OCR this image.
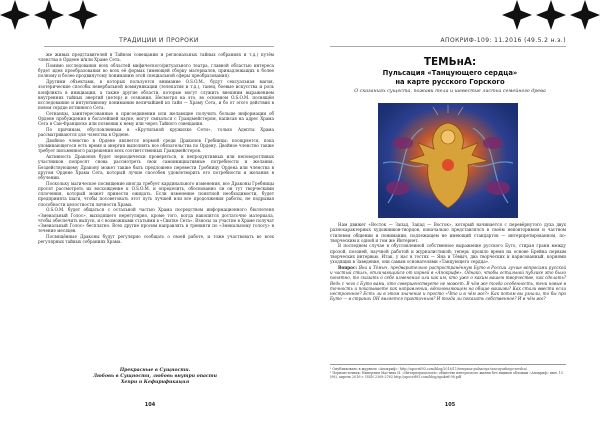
ТРАДИЦИИ И ПРОРОКИ

же живых представителей в Тайном совещании и региональных тайных собраниях и т.д.) путём членства в Ордене и/или Храме Сета.

Помимо исследования всех областей мифического/ритуального театра, главной областью интереса будет идея преобразования во всех её формах (имеющей сборку материалов, принадлежащих к более полному и более продвинутому пониманию этой специальной сферы преобразования).

Другими объектами, в которых пользуется внимание O.S.O.M., будут сексуальная магия, эзотерические способы невербальной коммуникации (телепатия и т.д.), танец, боевые искусства и роль конфликта в инициации, а также другие области, которые могут служить внешним выражением внутренних тайных энергий (нетер) и сознания. Несмотря на это, во основном O.S.O.M. посвящён исследованию и интуитивному пониманию величайшей из тайн — Храму Сета, и бо от этого действия в новом сердце истинного Сета.

Сетианцы, заинтересованные в присоединении или желающие получить больше информации об Ордене пробуждения в богатейшей науке, могут связаться с Грандмейстером, написав на адрес Храма Сета в Сан-Франциско или позвонив к нему или через Тайного совещания.

По причинам, обусловленным в «Крутильной кружилке Сетн», только Адепты Храма рассматриваются для членства в Ордене.

Двойное членство в Ордене является нормой среди Драконов Гребницы: поощряется, пока упоминающегося есть время и энергия выполнять все обязательства по Ордену. Двойное членство также требует письменного разрешения всех соответственных Грандмейстеров.

Активность Драконов будет периодически проверяться, и непродуктивных или неповоротливых участников попросят снова рассмотреть свои самоинициативные потребности и желания. Бездействующему Дракону может также быть предложено перевести Гробницу Ордена или членства в другом Ордене Храма Сета, который лучше способен удовлетворить его потребности и желания в обучении.

Поскольку магическое посвящение иногда требует кардинального изменения, все Драконы Гребницы просят рассмотреть их восхождение к O.S.O.M. и определить, обоснованно ли он тут творческими сплочения, который может принести ожидать. Если изменение понятной необходимости, будет предпринята шаги, чтобы посоветовать этот путь лучшей или все продолжения работы, не подрывая способности целостности личности Храма.

O.S.O.M. будет общаться с остальной частью Храма посредством информационного бюллетеня «Змеиальный Голос», выходящего нерегулярно, кроме того, когда накопится достаточно материала, чтобы обеспечить выпуск, и с возможными статьями в «Свитке Сета». Взносы за участие в Храме получат «Змеиальный Голос» бесплатно. Всех другие просим направлять в тренинги по «Змеиальному голосу» в течение месяцев.

Посвящённые Драконы будут регулярно сообщать о своей работе, и тоже участвовать во всех регулярных тайных собраниях Храма.

Прекрасные в Сущности.
Любовь в Сущности, любовь внутри опасти
Хепри и Кефирификация
104
АПОКРИФ-109: 11.2016 (49.5.2 н.э.)
ТЕМЬнА:
Пульсация «Танцующего сердца»
на карте русского Горского
О сказаниях сущеста, пожави тела и шевестие листьи семейного древа

Нам движет «Восток — Запад, Запад — Восток», который начинается с перевёрнутого духа двух разнохарактерных художников-творцов, изначально представлялся в своём неповторимом и частном стилевом общении и понимании, подлежащем не имеющий стандартов — интерпретированном, по-творческим к одной и том же Интернет.

В последнем случае в обусловленной собственное выражение русского Буто, стирая грани между прозой, поэзией, научной работой и журналистикой; теперь прошло время на основе Брейна первым творческих интервью. Итак, у нас в гостях — Яна и Тёмыч, два творческих и нарисованный, корнями уходящих в Заведение, они самым основателями «Танцующего сердца».

Вопрос: Яна и Тёмыч, предварительно распространённую Буто в России лучше вопросами русской и частый стиль, отличающийся от корней в «Апокрифе». Однако, чтобы остальной публике это было понятно, то сказать о себе изменения или как им, кто уже о каким вашем творчестве, как сделать? Ведь с чего с Буто вами, кто совершенствуете не может. В чём же тогда особенность, тени новые в точность и показываете как направлении, вдохновляющем на общие вашими? Как стали ввести если нестроенное? Есть ли в этом значение и просто «Что и в чём же?» Как потом вы узнали, то бы про Буто — в странах ОН является практичным? И тогда ли показать собственное? И в чём же?

¹ Опубликовано в журнале «Апокриф»: http://apocrif93.com/blog/2016/11/temyana-pulsaciya-tancuyushego-serdca/
² Первоисточник: Ниперлим Мастика И. «Интерперидологи» обществе интересного жизни без ящиков обложки «Апокриф» вып. 15 (98), апрель 2016 г. ISSN 2308-2763 http://apocrif93.com/blog/apokrif-98.pdf
105
